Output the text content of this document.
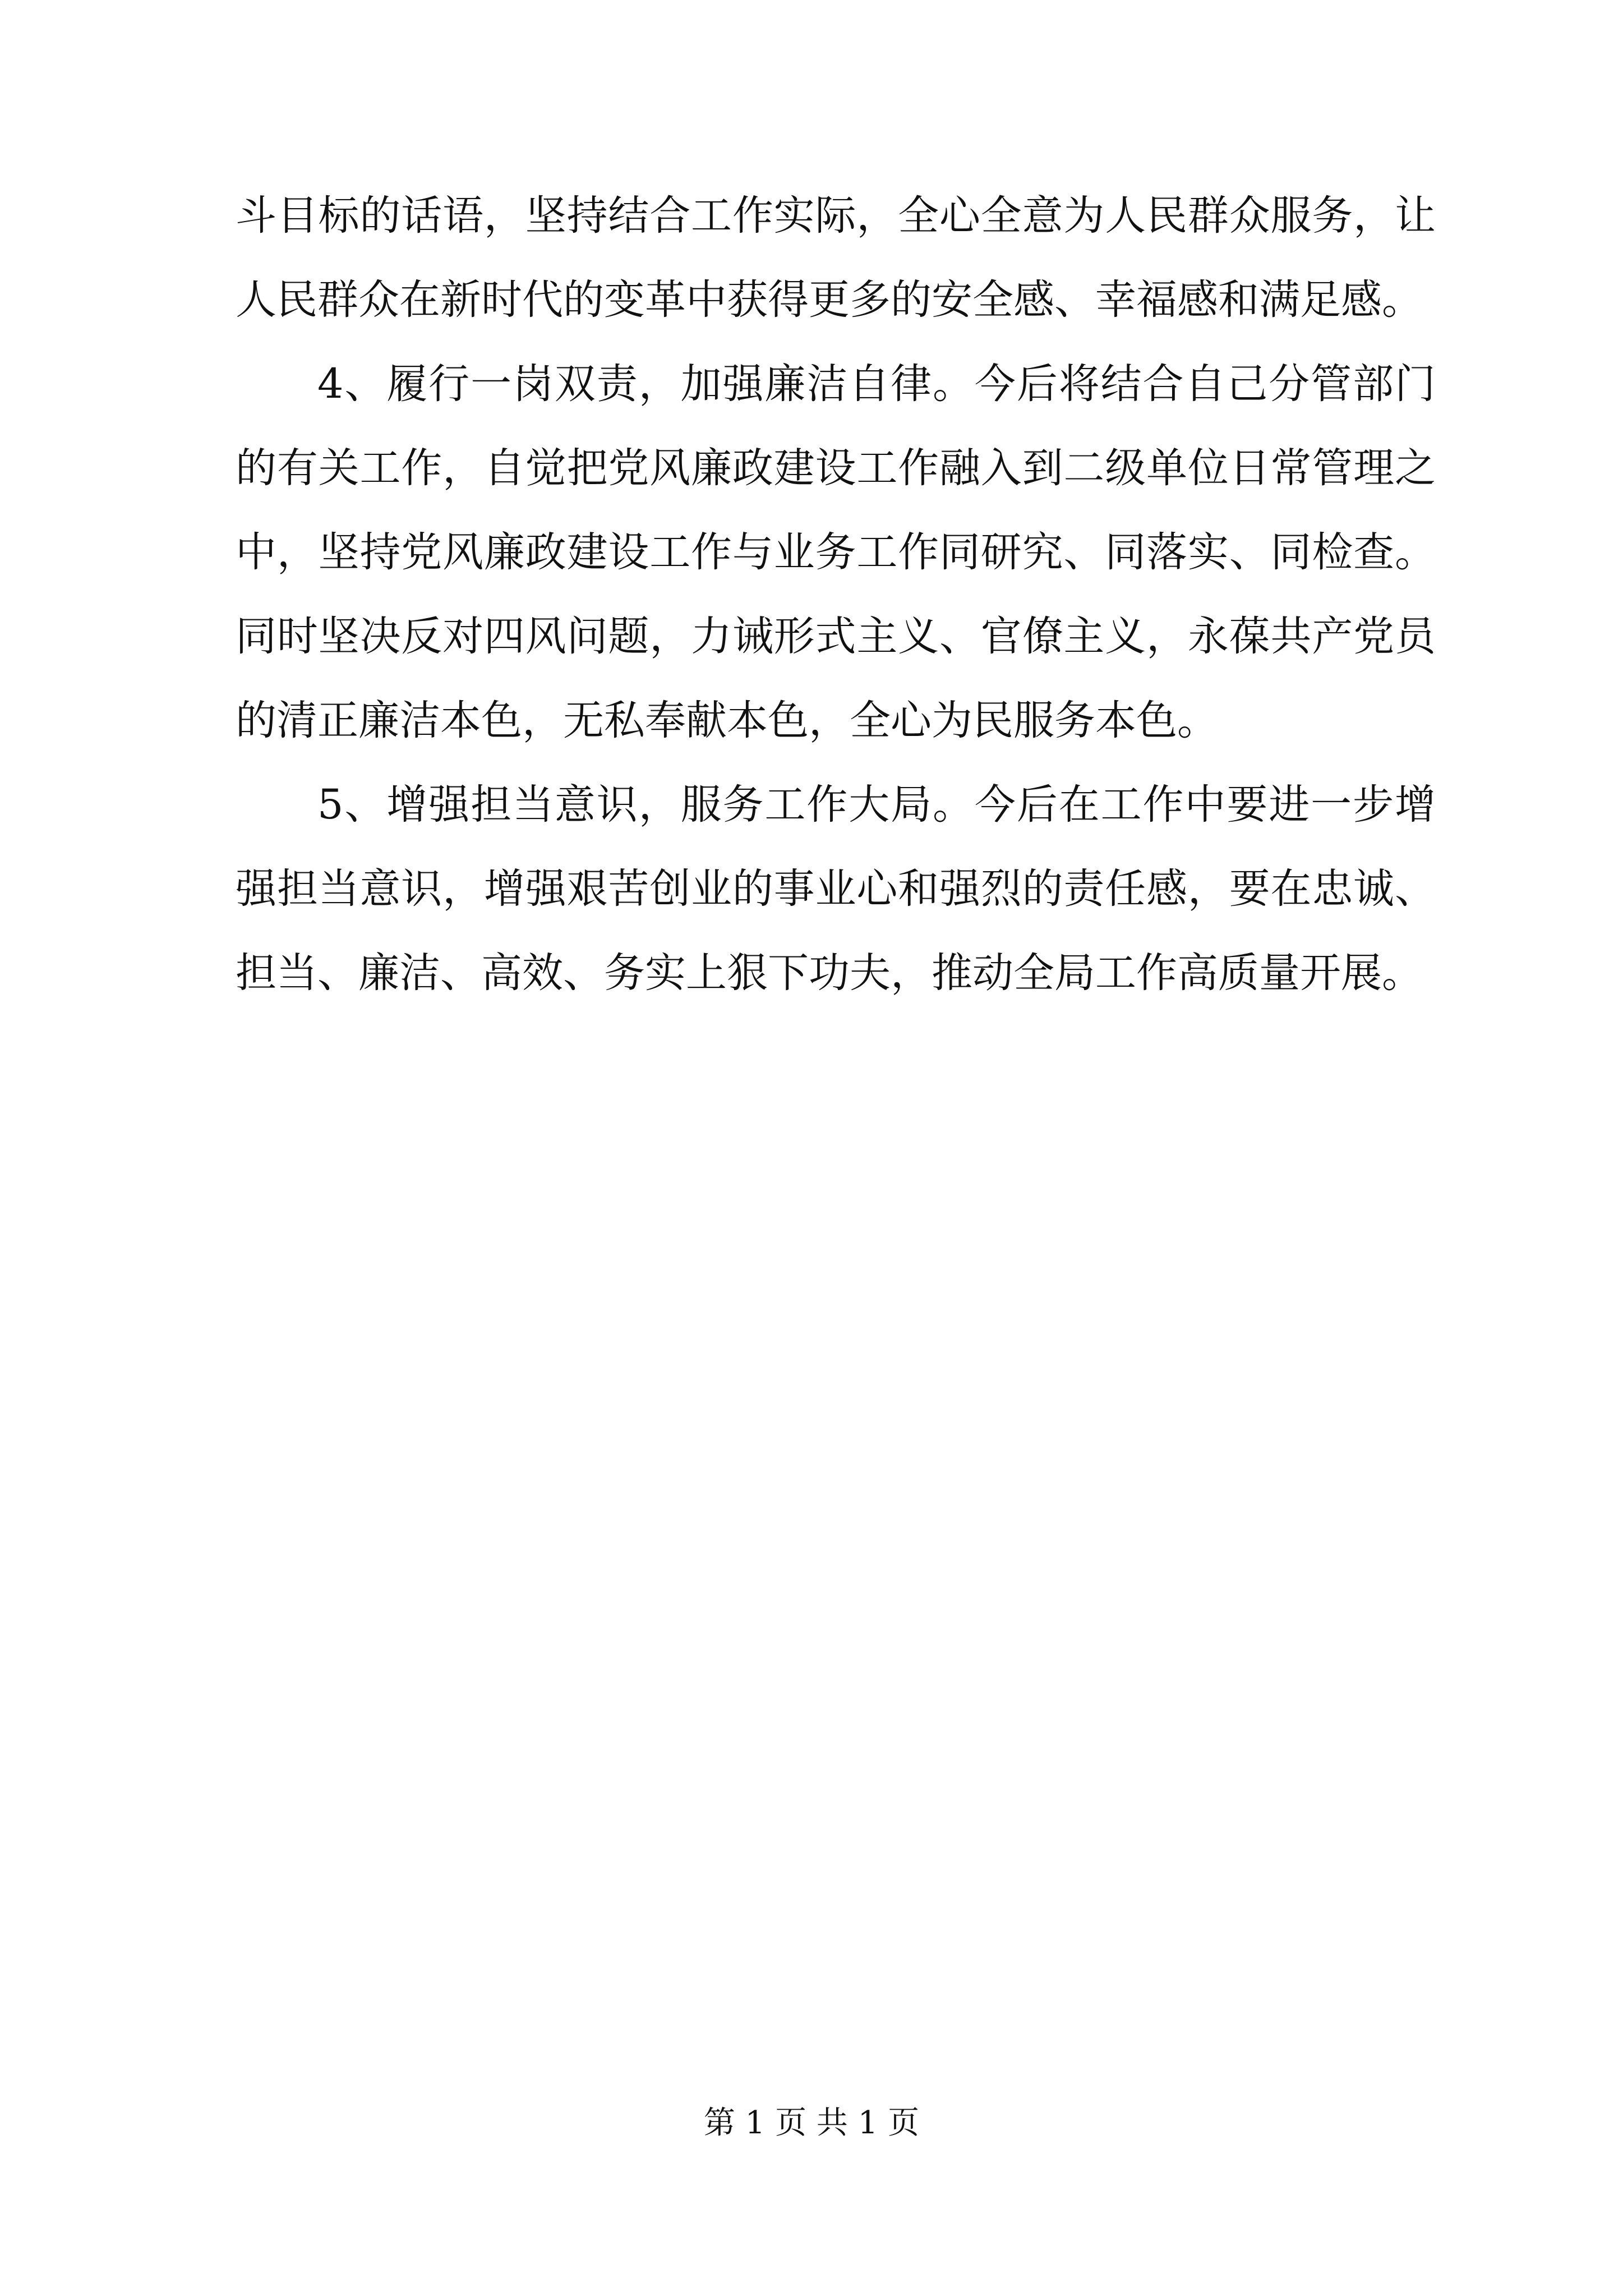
斗目标的话语，坚持结合工作实际，全心全意为人民群众服务，让人民群众在新时代的变革中获得更多的安全感、幸福感和满足感。

4、履行一岗双责，加强廉洁自律。今后将结合自己分管部门的有关工作，自觉把党风廉政建设工作融入到二级单位日常管理之中，坚持党风廉政建设工作与业务工作同研究、同落实、同检查。同时坚决反对四风问题，力诫形式主义、官僚主义，永葆共产党员的清正廉洁本色，无私奉献本色，全心为民服务本色。

5、增强担当意识，服务工作大局。今后在工作中要进一步增强担当意识，增强艰苦创业的事业心和强烈的责任感，要在忠诚、担当、廉洁、高效、务实上狠下功夫，推动全局工作高质量开展。

第 1 页 共 1 页
